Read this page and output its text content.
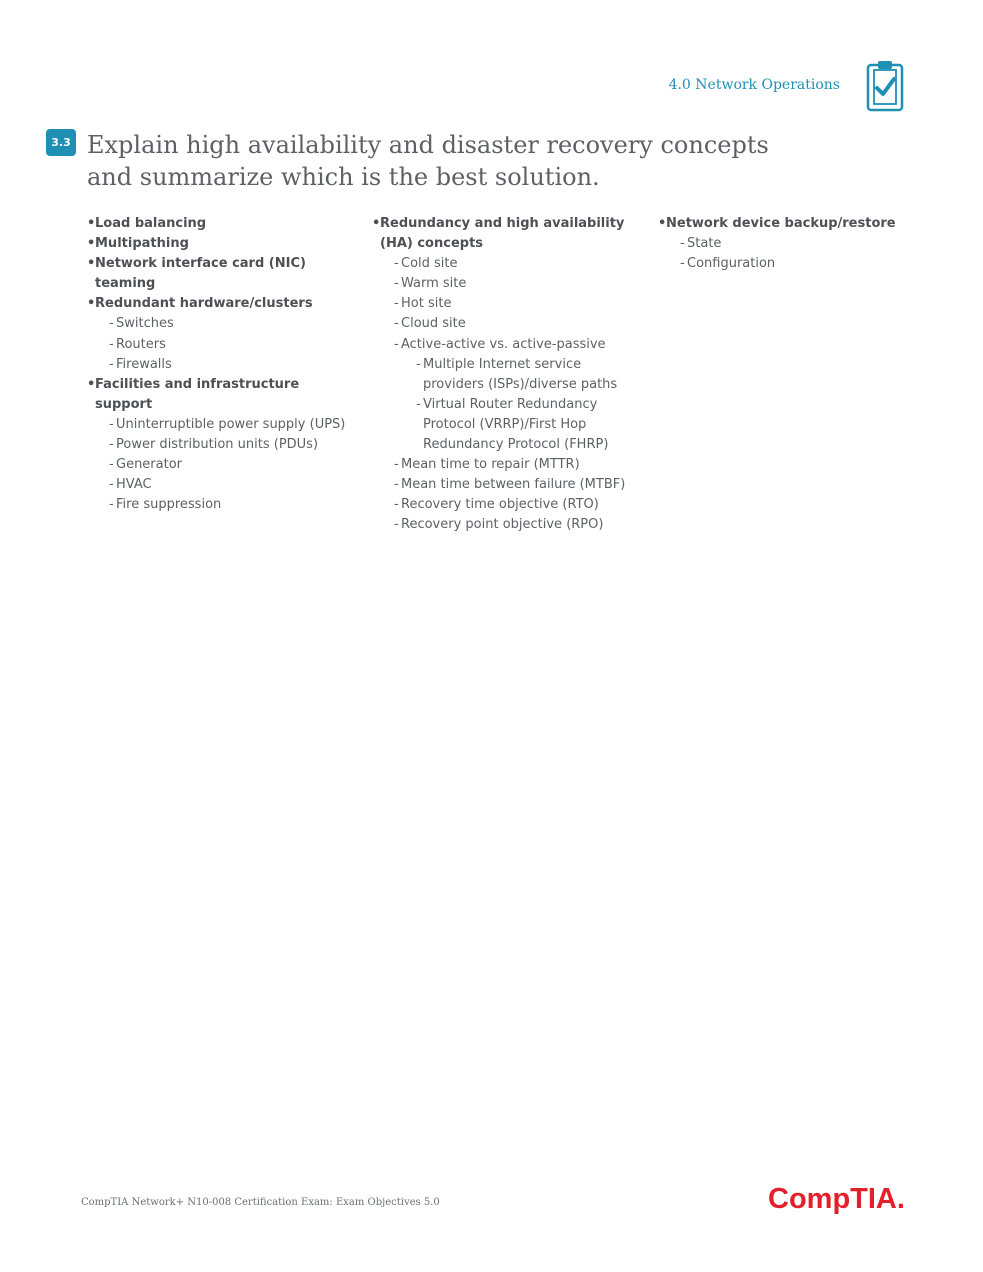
4.0 Network Operations
3.3 Explain high availability and disaster recovery concepts
and summarize which is the best solution.
• Load balancing
• Multipathing
• Network interface card (NIC) teaming
• Redundant hardware/clusters
- Switches
- Routers
- Firewalls
• Facilities and infrastructure support
- Uninterruptible power supply (UPS)
- Power distribution units (PDUs)
- Generator
- HVAC
- Fire suppression
• Redundancy and high availability (HA) concepts
- Cold site
- Warm site
- Hot site
- Cloud site
- Active-active vs. active-passive
- Multiple Internet service providers (ISPs)/diverse paths
- Virtual Router Redundancy Protocol (VRRP)/First Hop Redundancy Protocol (FHRP)
- Mean time to repair (MTTR)
- Mean time between failure (MTBF)
- Recovery time objective (RTO)
- Recovery point objective (RPO)
• Network device backup/restore
- State
- Configuration
CompTIA Network+ N10-008 Certification Exam: Exam Objectives 5.0	CompTIA.
